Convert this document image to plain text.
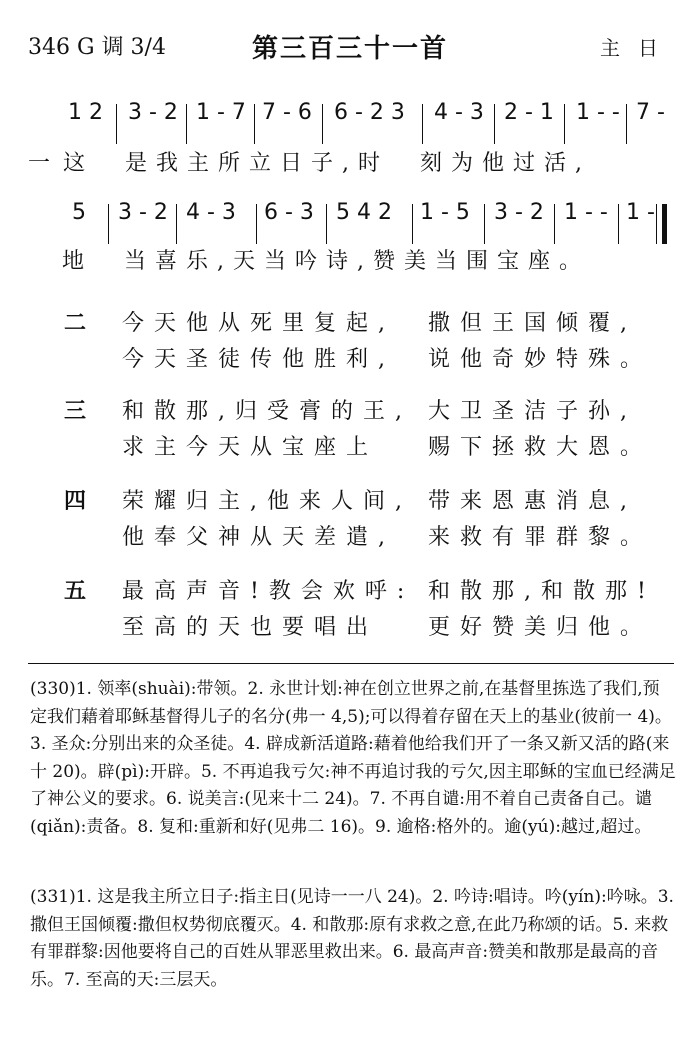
346 G 调 3/4	第三百三十一首	主日
1 2 3 - 2 1 - 7 7 - 6 6 - 2 3 4 - 3 2 - 1 1 - - 7 -
一 这　是我主所立日子,时　刻为他过活,
5 3 - 2 4 - 3 6 - 3 5 4 2 1 - 5 3 - 2 1 - - 1 -
地　当喜乐,天当吟诗,赞美当围宝座。
二 今天他从死里复起, 撒但王国倾覆,
今天圣徒传他胜利, 说他奇妙特殊。
三 和散那,归受膏的王, 大卫圣洁子孙,
求主今天从宝座上 赐下拯救大恩。
四 荣耀归主,他来人间, 带来恩惠消息,
他奉父神从天差遣, 来救有罪群黎。
五 最高声音!教会欢呼: 和散那,和散那!
至高的天也要唱出 更好赞美归他。
(330)1. 领率(shuài):带领。2. 永世计划:神在创立世界之前,在基督里拣选了我们,预定我们藉着耶稣基督得儿子的名分(弗一 4,5);可以得着存留在天上的基业(彼前一 4)。3. 圣众:分别出来的众圣徒。4. 辟成新活道路:藉着他给我们开了一条又新又活的路(来十 20)。辟(pì):开辟。5. 不再追我亏欠:神不再追讨我的亏欠,因主耶稣的宝血已经满足了神公义的要求。6. 说美言:(见来十二 24)。7. 不再自谴:用不着自己责备自己。谴(qiǎn):责备。8. 复和:重新和好(见弗二 16)。9. 逾格:格外的。逾(yú):越过,超过。
(331)1. 这是我主所立日子:指主日(见诗一一八 24)。2. 吟诗:唱诗。吟(yín):吟咏。3. 撒但王国倾覆:撒但权势彻底覆灭。4. 和散那:原有求救之意,在此乃称颂的话。5. 来救有罪群黎:因他要将自己的百姓从罪恶里救出来。6. 最高声音:赞美和散那是最高的音乐。7. 至高的天:三层天。
